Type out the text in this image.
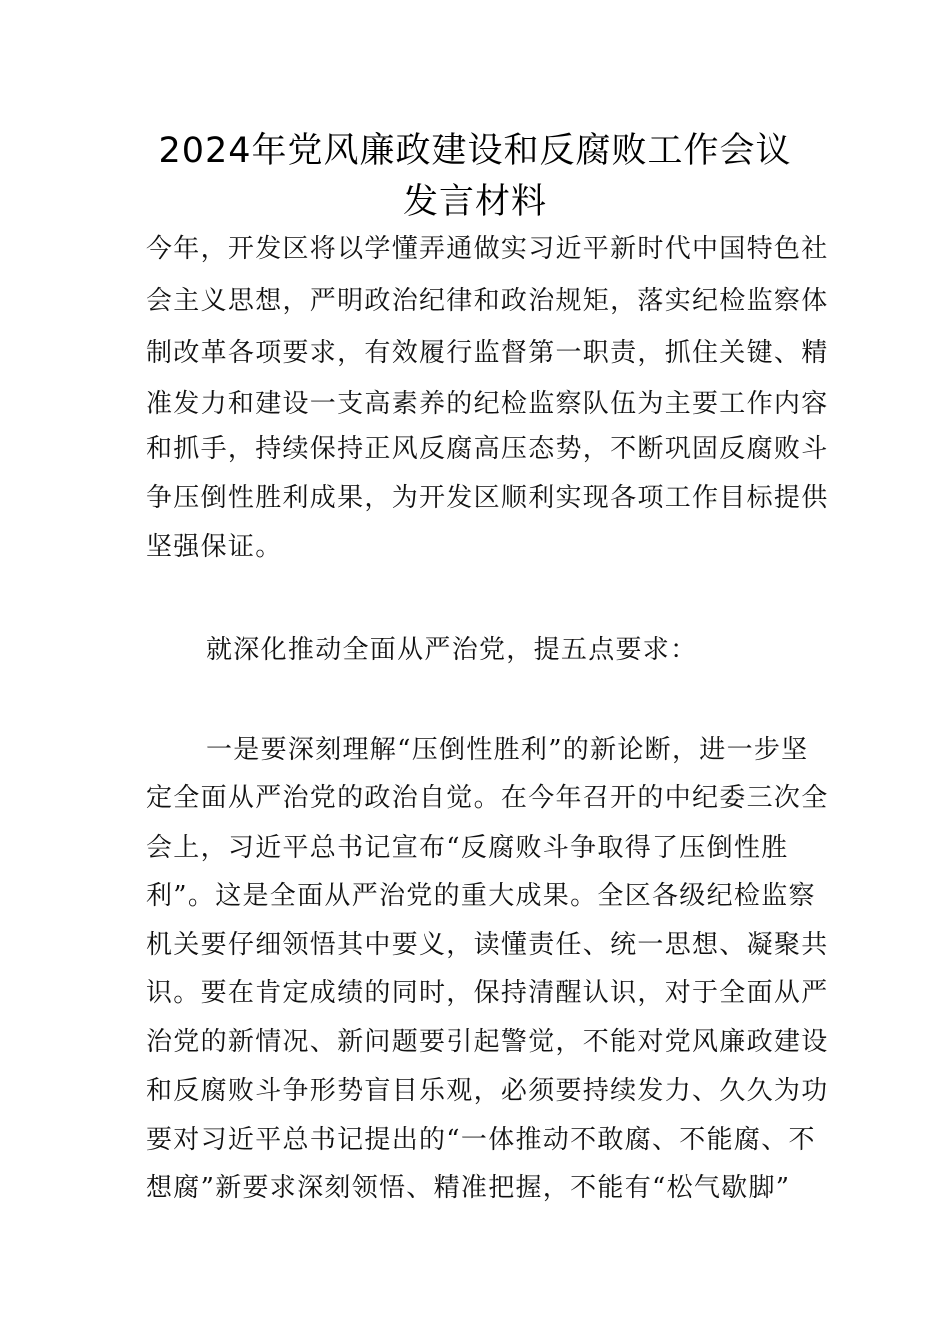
2024年党风廉政建设和反腐败工作会议
发言材料
今年，开发区将以学懂弄通做实习近平新时代中国特色社
会主义思想，严明政治纪律和政治规矩，落实纪检监察体
制改革各项要求，有效履行监督第一职责，抓住关键、精
准发力和建设一支高素养的纪检监察队伍为主要工作内容
和抓手，持续保持正风反腐高压态势，不断巩固反腐败斗
争压倒性胜利成果，为开发区顺利实现各项工作目标提供
坚强保证。
就深化推动全面从严治党，提五点要求：
一是要深刻理解“压倒性胜利”的新论断，进一步坚
定全面从严治党的政治自觉。在今年召开的中纪委三次全
会上，习近平总书记宣布“反腐败斗争取得了压倒性胜
利”。这是全面从严治党的重大成果。全区各级纪检监察
机关要仔细领悟其中要义，读懂责任、统一思想、凝聚共
识。要在肯定成绩的同时，保持清醒认识，对于全面从严
治党的新情况、新问题要引起警觉，不能对党风廉政建设
和反腐败斗争形势盲目乐观，必须要持续发力、久久为功
要对习近平总书记提出的“一体推动不敢腐、不能腐、不
想腐”新要求深刻领悟、精准把握，不能有“松气歇脚”
